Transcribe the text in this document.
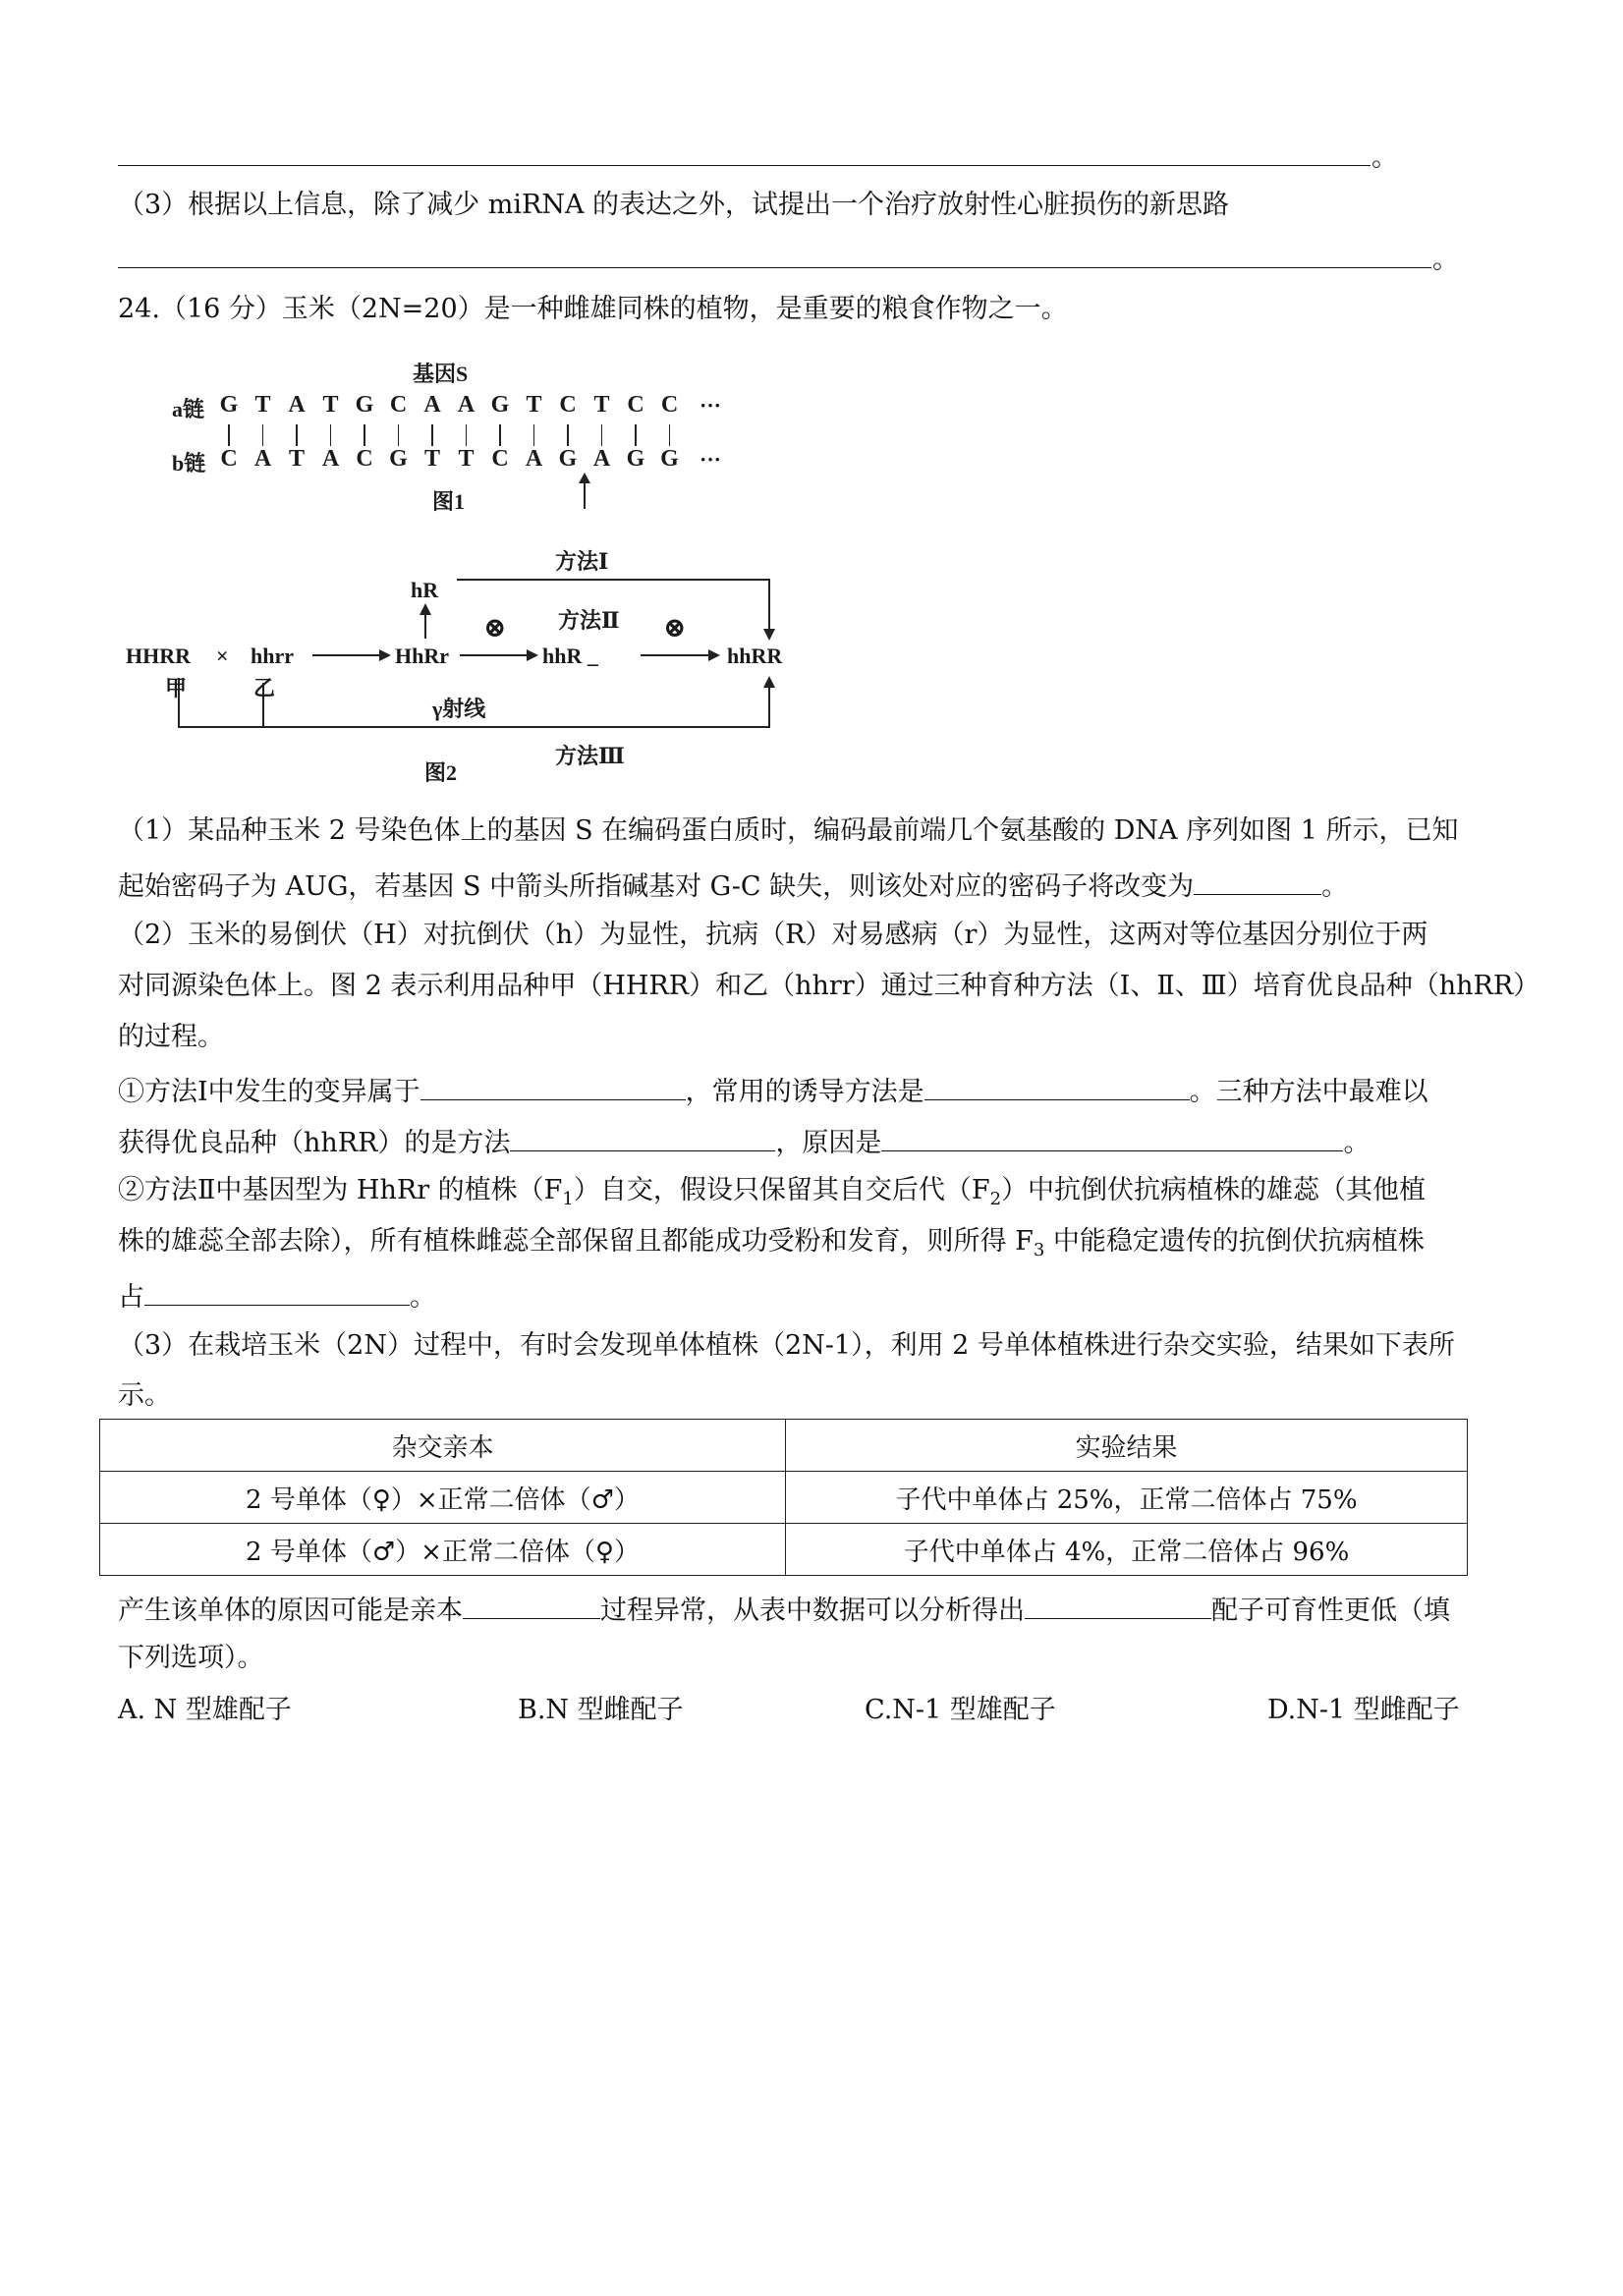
。
（3）根据以上信息，除了减少 miRNA 的表达之外，试提出一个治疗放射性心脏损伤的新思路
。
24.（16 分）玉米（2N=20）是一种雌雄同株的植物，是重要的粮食作物之一。
基因S
a链
b链
G T A T G C A A G T C T C C
C A T A C G T T C A G A G G
···
···
图1
方法Ⅰ
hR
⊗ 方法Ⅱ ⊗
HHRR × hhrr	HhRr	hhR _	hhRR
甲	乙
γ射线
方法Ⅲ
图2
（1）某品种玉米 2 号染色体上的基因 S 在编码蛋白质时，编码最前端几个氨基酸的 DNA 序列如图 1 所示，已知
起始密码子为 AUG，若基因 S 中箭头所指碱基对 G-C 缺失，则该处对应的密码子将改变为	。
（2）玉米的易倒伏（H）对抗倒伏（h）为显性，抗病（R）对易感病（r）为显性，这两对等位基因分别位于两
对同源染色体上。图 2 表示利用品种甲（HHRR）和乙（hhrr）通过三种育种方法（Ⅰ、Ⅱ、Ⅲ）培育优良品种（hhRR）
的过程。
①方法Ⅰ中发生的变异属于	，常用的诱导方法是	。三种方法中最难以
获得优良品种（hhRR）的是方法	，原因是	。
②方法Ⅱ中基因型为 HhRr 的植株$(F_1)$自交，假设只保留其自交后代$(F_2)$中抗倒伏抗病植株的雄蕊（其他植
株的雄蕊全部去除），所有植株雌蕊全部保留且都能成功受粉和发育，则所得 $F_3$ 中能稳定遗传的抗倒伏抗病植株
占	。
（3）在栽培玉米（2N）过程中，有时会发现单体植株（2N-1），利用 2 号单体植株进行杂交实验，结果如下表所
示。
杂交亲本	实验结果
2 号单体（♀）×正常二倍体（♂）	子代中单体占 25%，正常二倍体占 75%
2 号单体（♂）×正常二倍体（♀）	子代中单体占 4%，正常二倍体占 96%
产生该单体的原因可能是亲本	过程异常，从表中数据可以分析得出	配子可育性更低（填
下列选项）。
A. N 型雄配子	B.N 型雌配子	C.N-1 型雄配子	D.N-1 型雌配子
